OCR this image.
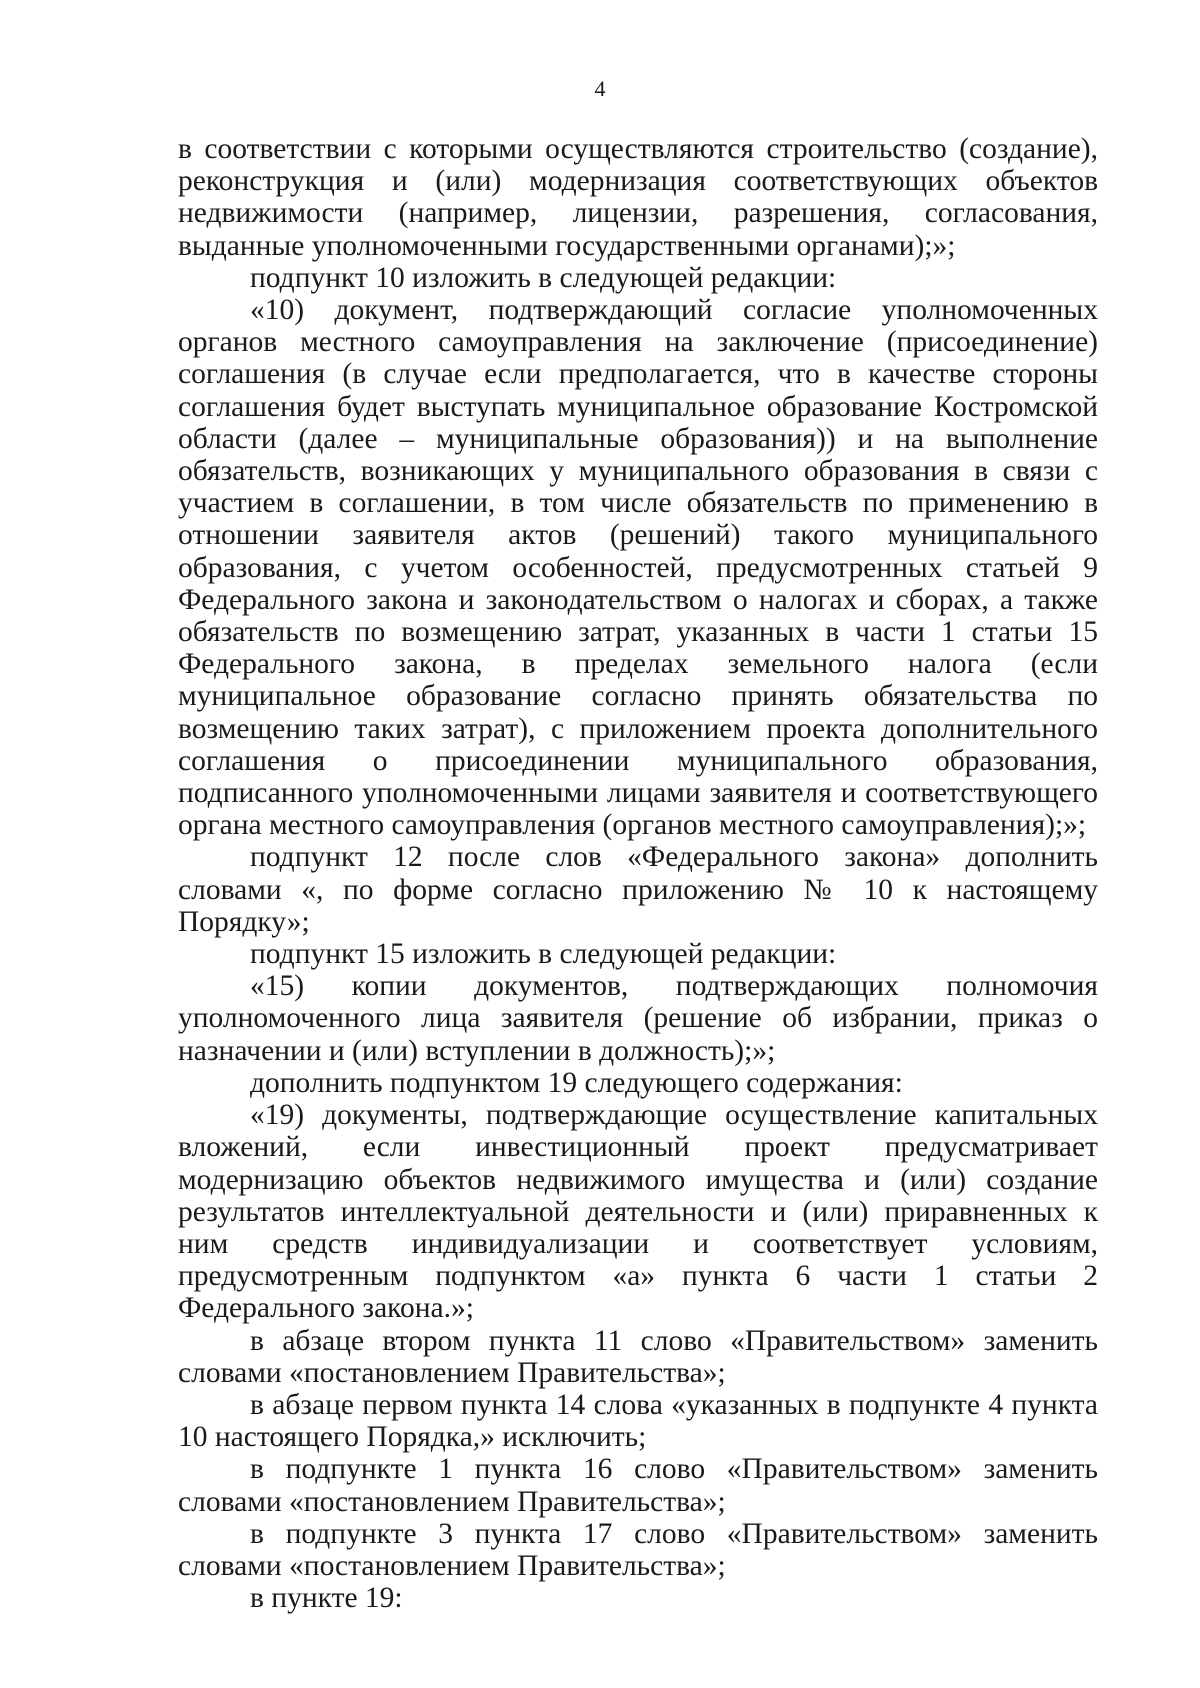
4

в соответствии с которыми осуществляются строительство (создание), реконструкция и (или) модернизация соответствующих объектов недвижимости (например, лицензии, разрешения, согласования, выданные уполномоченными государственными органами);»;

подпункт 10 изложить в следующей редакции:

«10) документ, подтверждающий согласие уполномоченных органов местного самоуправления на заключение (присоединение) соглашения (в случае если предполагается, что в качестве стороны соглашения будет выступать муниципальное образование Костромской области (далее – муниципальные образования)) и на выполнение обязательств, возникающих у муниципального образования в связи с участием в соглашении, в том числе обязательств по применению в отношении заявителя актов (решений) такого муниципального образования, с учетом особенностей, предусмотренных статьей 9 Федерального закона и законодательством о налогах и сборах, а также обязательств по возмещению затрат, указанных в части 1 статьи 15 Федерального закона, в пределах земельного налога (если муниципальное образование согласно принять обязательства по возмещению таких затрат), с приложением проекта дополнительного соглашения о присоединении муниципального образования, подписанного уполномоченными лицами заявителя и соответствующего органа местного самоуправления (органов местного самоуправления);»;

подпункт 12 после слов «Федерального закона» дополнить словами «, по форме согласно приложению № 10 к настоящему Порядку»;

подпункт 15 изложить в следующей редакции:

«15) копии документов, подтверждающих полномочия уполномоченного лица заявителя (решение об избрании, приказ о назначении и (или) вступлении в должность);»;

дополнить подпунктом 19 следующего содержания:

«19) документы, подтверждающие осуществление капитальных вложений, если инвестиционный проект предусматривает модернизацию объектов недвижимого имущества и (или) создание результатов интеллектуальной деятельности и (или) приравненных к ним средств индивидуализации и соответствует условиям, предусмотренным подпунктом «а» пункта 6 части 1 статьи 2 Федерального закона.»;

в абзаце втором пункта 11 слово «Правительством» заменить словами «постановлением Правительства»;

в абзаце первом пункта 14 слова «указанных в подпункте 4 пункта 10 настоящего Порядка,» исключить;

в подпункте 1 пункта 16 слово «Правительством» заменить словами «постановлением Правительства»;

в подпункте 3 пункта 17 слово «Правительством» заменить словами «постановлением Правительства»;

в пункте 19:
